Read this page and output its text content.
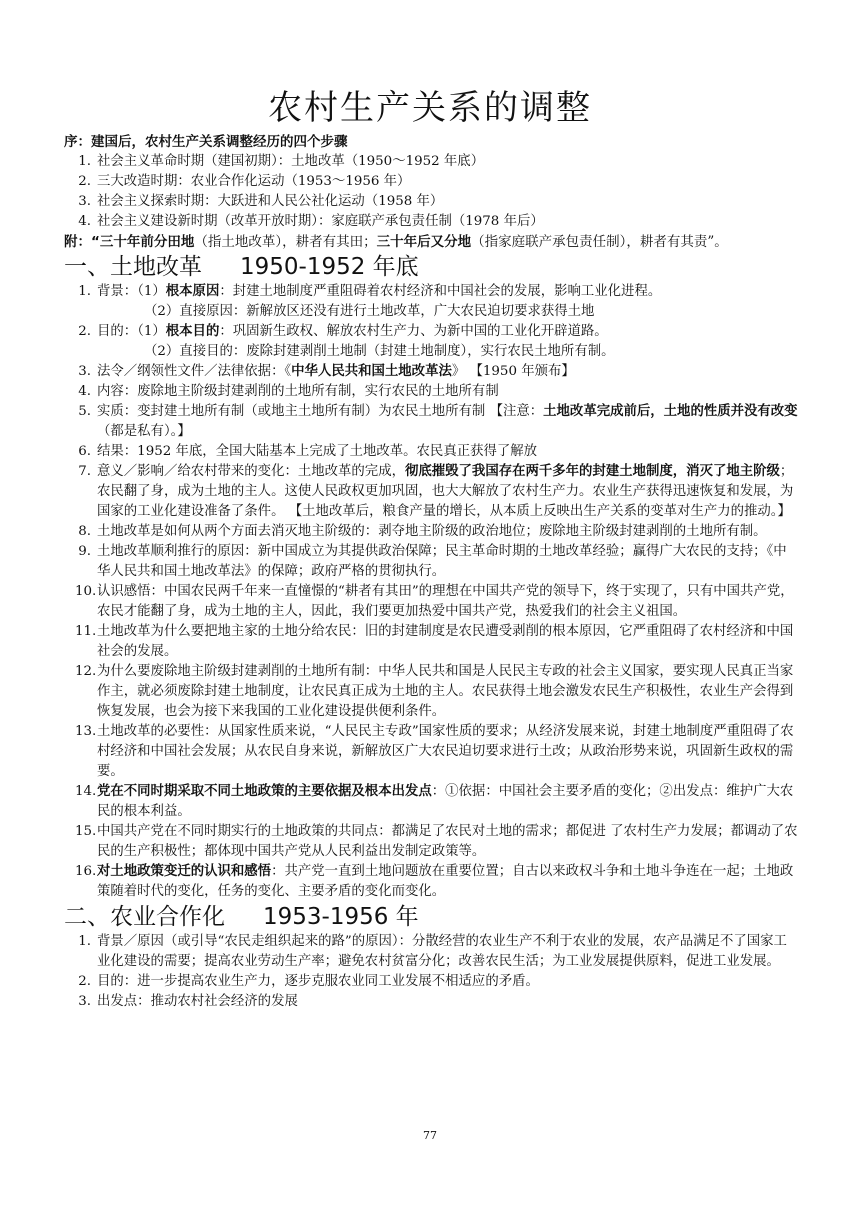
农村生产关系的调整

序：建国后，农村生产关系调整经历的四个步骤

1. 社会主义革命时期（建国初期）：土地改革（1950～1952 年底）
2. 三大改造时期：农业合作化运动（1953～1956 年）
3. 社会主义探索时期：大跃进和人民公社化运动（1958 年）
4. 社会主义建设新时期（改革开放时期）：家庭联产承包责任制（1978 年后）

附：“三十年前分田地（指土地改革），耕者有其田；三十年后又分地（指家庭联产承包责任制），耕者有其责”。

一、土地改革 1950-1952 年底
1. 背景：（1）根本原因：封建土地制度严重阻碍着农村经济和中国社会的发展，影响工业化进程。
（2）直接原因：新解放区还没有进行土地改革，广大农民迫切要求获得土地
2. 目的：（1）根本目的：巩固新生政权、解放农村生产力、为新中国的工业化开辟道路。
（2）直接目的：废除封建剥削土地制（封建土地制度），实行农民土地所有制。
3. 法令／纲领性文件／法律依据：《中华人民共和国土地改革法》 【1950 年颁布】
4. 内容：废除地主阶级封建剥削的土地所有制，实行农民的土地所有制
5. 实质：变封建土地所有制（或地主土地所有制）为农民土地所有制 【注意：土地改革完成前后，土地的性质并没有改变（都是私有）。】
6. 结果：1952 年底，全国大陆基本上完成了土地改革。农民真正获得了解放
7. 意义／影响／给农村带来的变化：土地改革的完成，彻底摧毁了我国存在两千多年的封建土地制度，消灭了地主阶级；农民翻了身，成为土地的主人。这使人民政权更加巩固，也大大解放了农村生产力。农业生产获得迅速恢复和发展，为国家的工业化建设准备了条件。 【土地改革后，粮食产量的增长，从本质上反映出生产关系的变革对生产力的推动。】
8. 土地改革是如何从两个方面去消灭地主阶级的：剥夺地主阶级的政治地位；废除地主阶级封建剥削的土地所有制。
9. 土地改革顺利推行的原因：新中国成立为其提供政治保障；民主革命时期的土地改革经验；赢得广大农民的支持；《中华人民共和国土地改革法》的保障；政府严格的贯彻执行。
10. 认识感悟：中国农民两千年来一直憧憬的“耕者有其田”的理想在中国共产党的领导下，终于实现了，只有中国共产党，农民才能翻了身，成为土地的主人，因此，我们要更加热爱中国共产党，热爱我们的社会主义祖国。
11. 土地改革为什么要把地主家的土地分给农民：旧的封建制度是农民遭受剥削的根本原因，它严重阻碍了农村经济和中国社会的发展。
12. 为什么要废除地主阶级封建剥削的土地所有制：中华人民共和国是人民民主专政的社会主义国家，要实现人民真正当家作主，就必须废除封建土地制度，让农民真正成为土地的主人。农民获得土地会激发农民生产积极性，农业生产会得到恢复发展，也会为接下来我国的工业化建设提供便利条件。
13. 土地改革的必要性：从国家性质来说，“人民民主专政”国家性质的要求；从经济发展来说，封建土地制度严重阻碍了农村经济和中国社会发展；从农民自身来说，新解放区广大农民迫切要求进行土改；从政治形势来说，巩固新生政权的需要。
14. 党在不同时期采取不同土地政策的主要依据及根本出发点：①依据：中国社会主要矛盾的变化；②出发点：维护广大农民的根本利益。
15. 中国共产党在不同时期实行的土地政策的共同点：都满足了农民对土地的需求；都促进 了农村生产力发展；都调动了农民的生产积极性；都体现中国共产党从人民利益出发制定政策等。
16. 对土地政策变迁的认识和感悟：共产党一直到土地问题放在重要位置；自古以来政权斗争和土地斗争连在一起；土地政策随着时代的变化，任务的变化、主要矛盾的变化而变化。
二、农业合作化 1953-1956 年
1. 背景／原因（或引导“农民走组织起来的路”的原因）：分散经营的农业生产不利于农业的发展，农产品满足不了国家工业化建设的需要；提高农业劳动生产率；避免农村贫富分化；改善农民生活；为工业发展提供原料，促进工业发展。
2. 目的：进一步提高农业生产力，逐步克服农业同工业发展不相适应的矛盾。
3. 出发点：推动农村社会经济的发展
77
